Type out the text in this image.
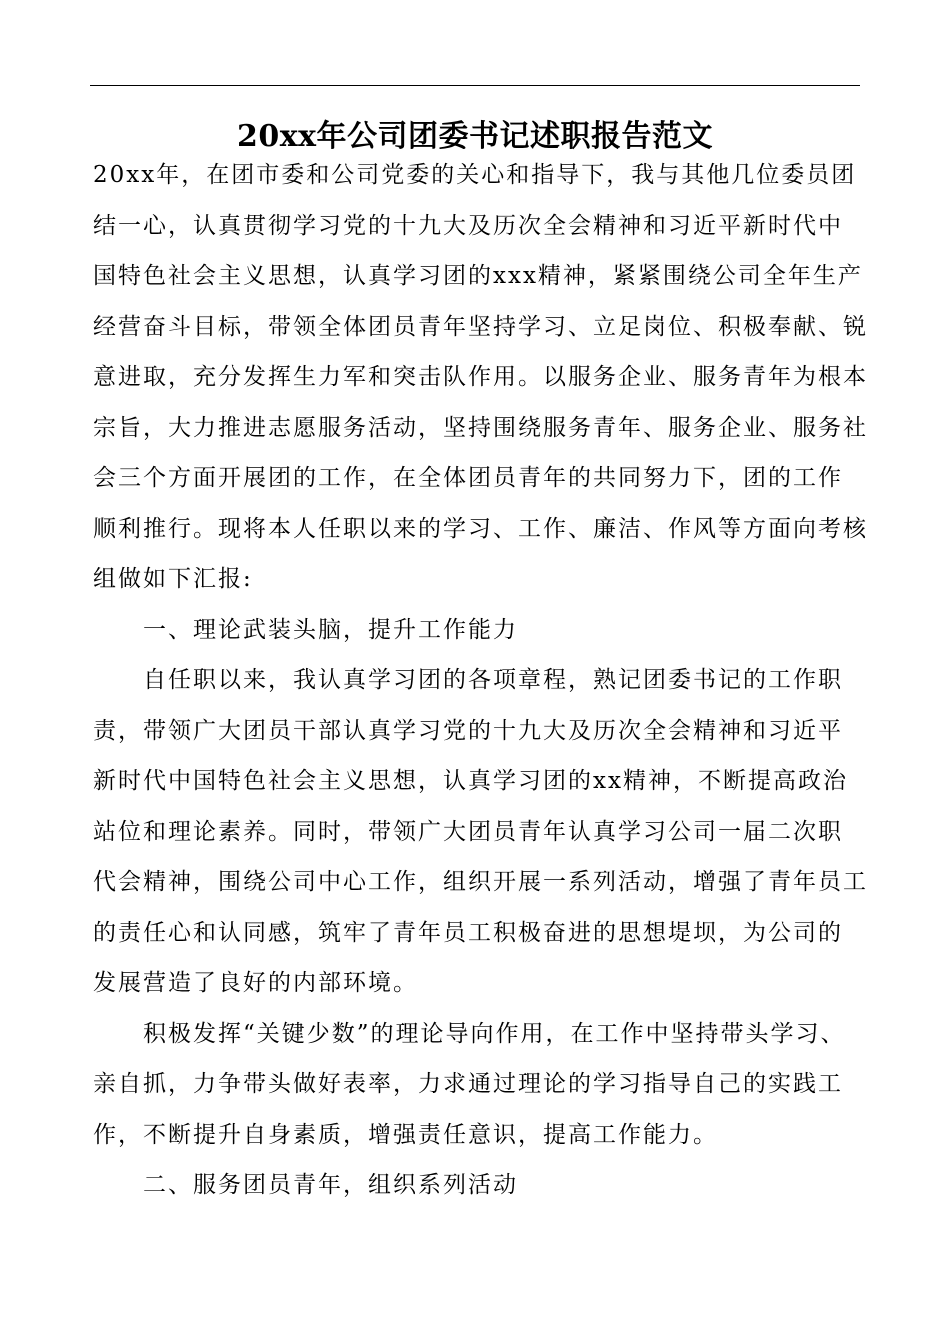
20xx年公司团委书记述职报告范文
20xx年，在团市委和公司党委的关心和指导下，我与其他几位委员团
结一心，认真贯彻学习党的十九大及历次全会精神和习近平新时代中
国特色社会主义思想，认真学习团的xxx精神，紧紧围绕公司全年生产
经营奋斗目标，带领全体团员青年坚持学习、立足岗位、积极奉献、锐
意进取，充分发挥生力军和突击队作用。以服务企业、服务青年为根本
宗旨，大力推进志愿服务活动，坚持围绕服务青年、服务企业、服务社
会三个方面开展团的工作，在全体团员青年的共同努力下，团的工作
顺利推行。现将本人任职以来的学习、工作、廉洁、作风等方面向考核
组做如下汇报:
一、理论武装头脑，提升工作能力
自任职以来，我认真学习团的各项章程，熟记团委书记的工作职
责，带领广大团员干部认真学习党的十九大及历次全会精神和习近平
新时代中国特色社会主义思想，认真学习团的xx精神，不断提高政治
站位和理论素养。同时，带领广大团员青年认真学习公司一届二次职
代会精神，围绕公司中心工作，组织开展一系列活动，增强了青年员工
的责任心和认同感，筑牢了青年员工积极奋进的思想堤坝，为公司的
发展营造了良好的内部环境。
积极发挥“关键少数”的理论导向作用，在工作中坚持带头学习、
亲自抓，力争带头做好表率，力求通过理论的学习指导自己的实践工
作，不断提升自身素质，增强责任意识，提高工作能力。
二、服务团员青年，组织系列活动
